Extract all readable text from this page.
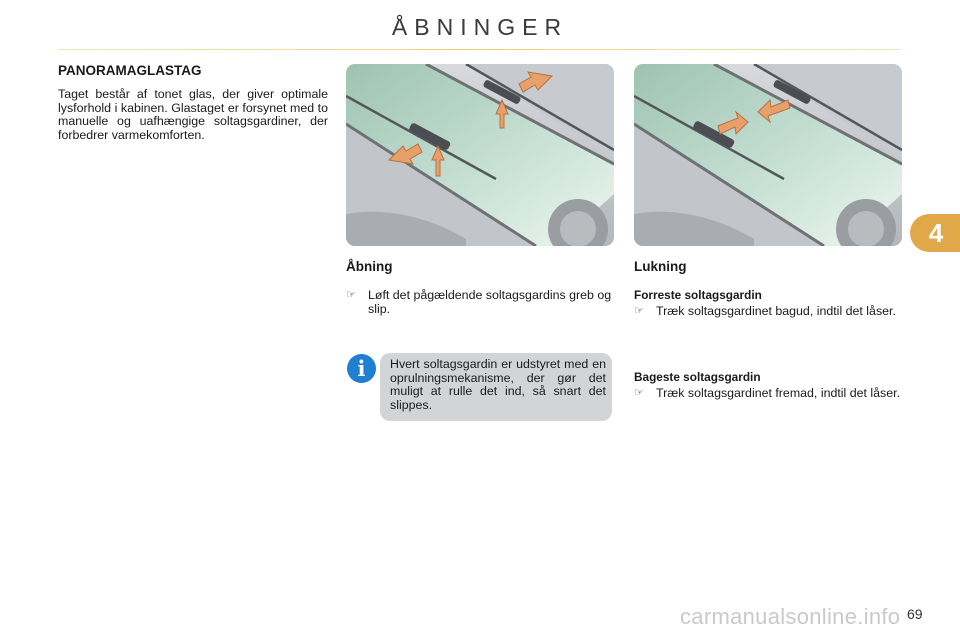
ÅBNINGER
PANORAMAGLASTAG
Taget består af tonet glas, der giver optimale lysforhold i kabinen. Glastaget er forsynet med to manuelle og uafhængige soltagsgardiner, der forbedrer varmekomforten.
Åbning	Lukning
☞ Løft det pågældende soltagsgardins greb og slip.
Forreste soltagsgardin
☞ Træk soltagsgardinet bagud, indtil det låser.
Bageste soltagsgardin
☞ Træk soltagsgardinet fremad, indtil det låser.
i	Hvert soltagsgardin er udstyret med en oprulningsmekanisme, der gør det muligt at rulle det ind, så snart det slippes.
4
69
carmanualsonline.info
